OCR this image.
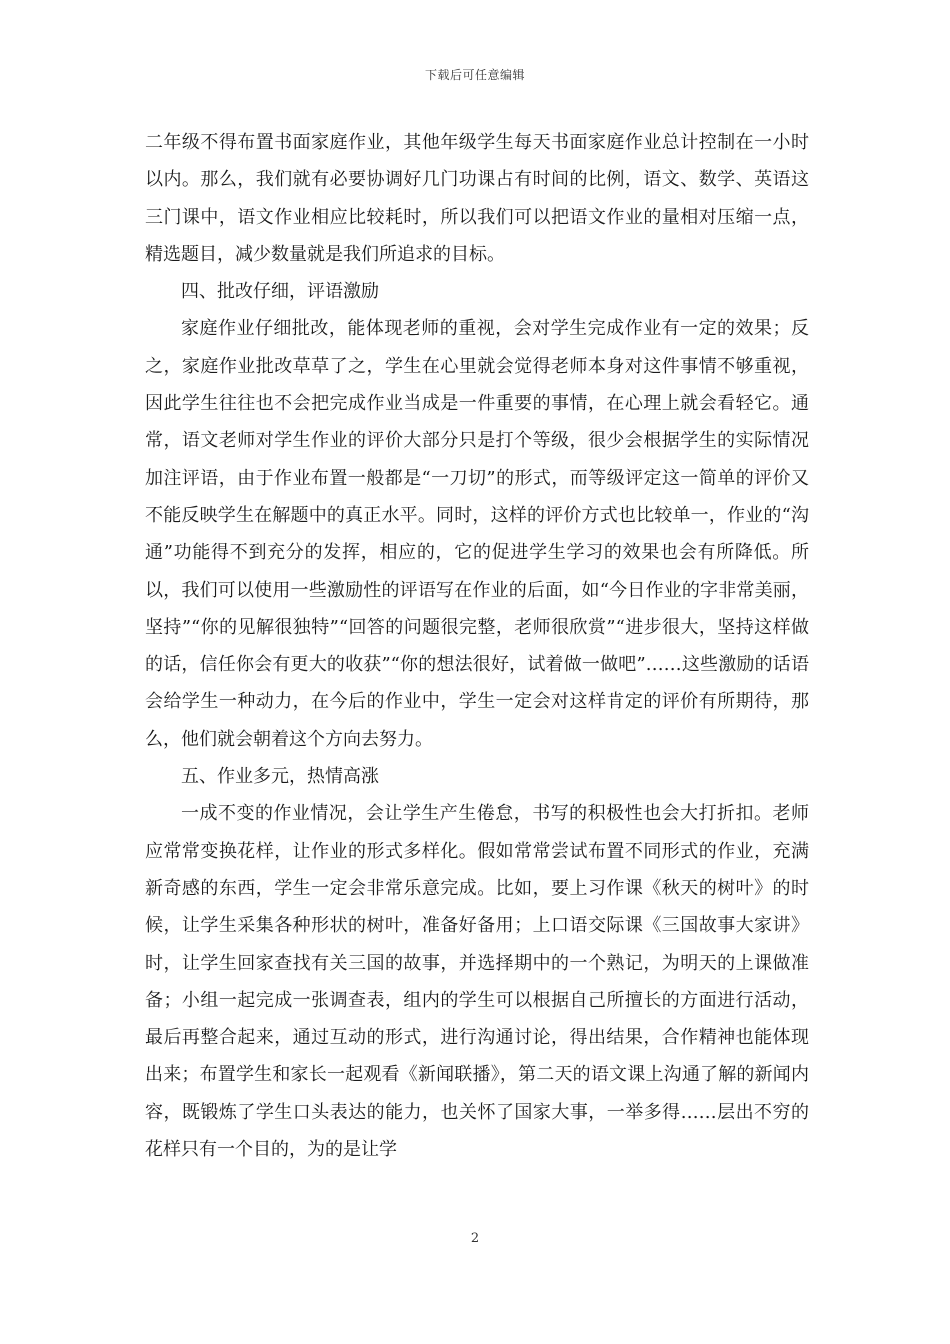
下载后可任意编辑

二年级不得布置书面家庭作业，其他年级学生每天书面家庭作业总计控制在一小时以内。那么，我们就有必要协调好几门功课占有时间的比例，语文、数学、英语这三门课中，语文作业相应比较耗时，所以我们可以把语文作业的量相对压缩一点，精选题目，减少数量就是我们所追求的目标。

四、批改仔细，评语激励

家庭作业仔细批改，能体现老师的重视，会对学生完成作业有一定的效果；反之，家庭作业批改草草了之，学生在心里就会觉得老师本身对这件事情不够重视，因此学生往往也不会把完成作业当成是一件重要的事情，在心理上就会看轻它。通常，语文老师对学生作业的评价大部分只是打个等级，很少会根据学生的实际情况加注评语，由于作业布置一般都是“一刀切”的形式，而等级评定这一简单的评价又不能反映学生在解题中的真正水平。同时，这样的评价方式也比较单一，作业的“沟通”功能得不到充分的发挥，相应的，它的促进学生学习的效果也会有所降低。所以，我们可以使用一些激励性的评语写在作业的后面，如“今日作业的字非常美丽，坚持”“你的见解很独特”“回答的问题很完整，老师很欣赏”“进步很大，坚持这样做的话，信任你会有更大的收获”“你的想法很好，试着做一做吧”……这些激励的话语会给学生一种动力，在今后的作业中，学生一定会对这样肯定的评价有所期待，那么，他们就会朝着这个方向去努力。

五、作业多元，热情高涨

一成不变的作业情况，会让学生产生倦怠，书写的积极性也会大打折扣。老师应常常变换花样，让作业的形式多样化。假如常常尝试布置不同形式的作业，充满新奇感的东西，学生一定会非常乐意完成。比如，要上习作课《秋天的树叶》的时候，让学生采集各种形状的树叶，准备好备用；上口语交际课《三国故事大家讲》时，让学生回家查找有关三国的故事，并选择期中的一个熟记，为明天的上课做准备；小组一起完成一张调查表，组内的学生可以根据自己所擅长的方面进行活动，最后再整合起来，通过互动的形式，进行沟通讨论，得出结果，合作精神也能体现出来；布置学生和家长一起观看《新闻联播》，第二天的语文课上沟通了解的新闻内容，既锻炼了学生口头表达的能力，也关怀了国家大事，一举多得……层出不穷的花样只有一个目的，为的是让学

2
